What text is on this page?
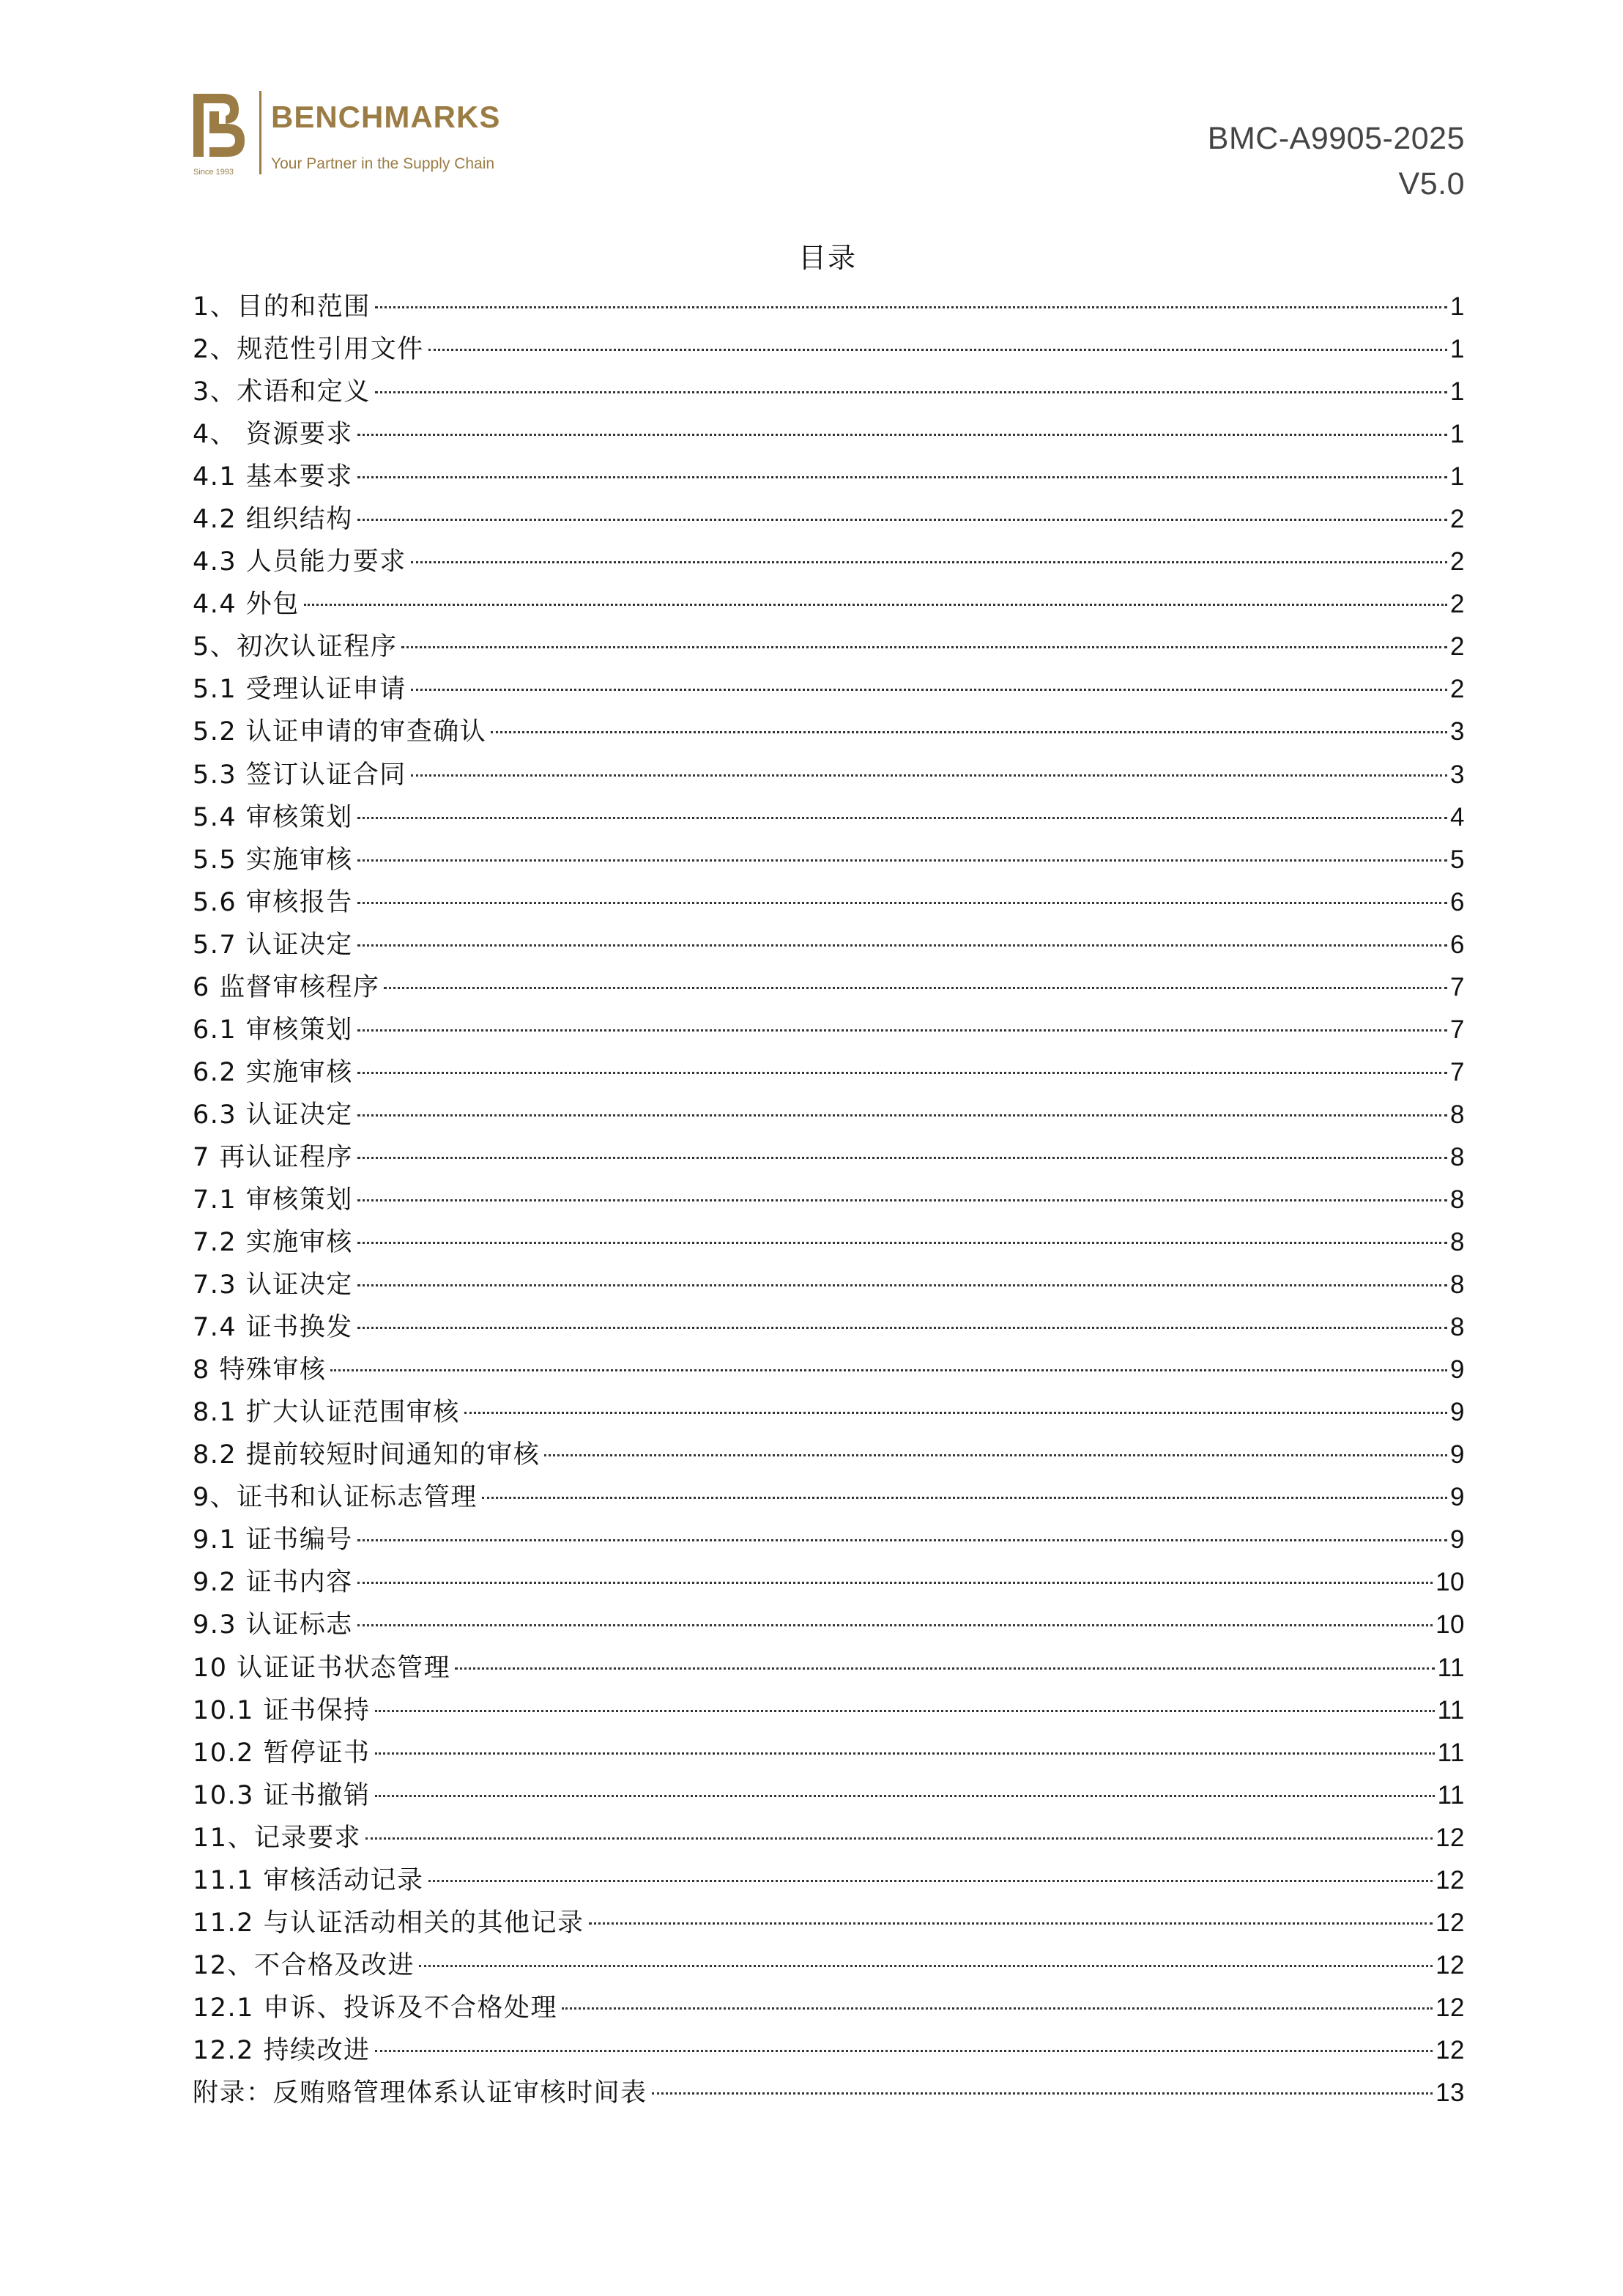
Since 1993
BENCHMARKS
Your Partner in the Supply Chain
BMC-A9905-2025
V5.0
目录
1、目的和范围	1
2、规范性引用文件	1
3、术语和定义	1
4、 资源要求	1
4.1 基本要求	1
4.2 组织结构	2
4.3 人员能力要求	2
4.4 外包	2
5、初次认证程序	2
5.1 受理认证申请	2
5.2 认证申请的审查确认	3
5.3 签订认证合同	3
5.4 审核策划	4
5.5 实施审核	5
5.6 审核报告	6
5.7 认证决定	6
6 监督审核程序	7
6.1 审核策划	7
6.2 实施审核	7
6.3 认证决定	8
7 再认证程序	8
7.1 审核策划	8
7.2 实施审核	8
7.3 认证决定	8
7.4 证书换发	8
8 特殊审核	9
8.1 扩大认证范围审核	9
8.2 提前较短时间通知的审核	9
9、证书和认证标志管理	9
9.1 证书编号	9
9.2 证书内容	10
9.3 认证标志	10
10 认证证书状态管理	11
10.1 证书保持	11
10.2 暂停证书	11
10.3 证书撤销	11
11、记录要求	12
11.1 审核活动记录	12
11.2 与认证活动相关的其他记录	12
12、不合格及改进	12
12.1 申诉、投诉及不合格处理	12
12.2 持续改进	12
附录：反贿赂管理体系认证审核时间表	13
